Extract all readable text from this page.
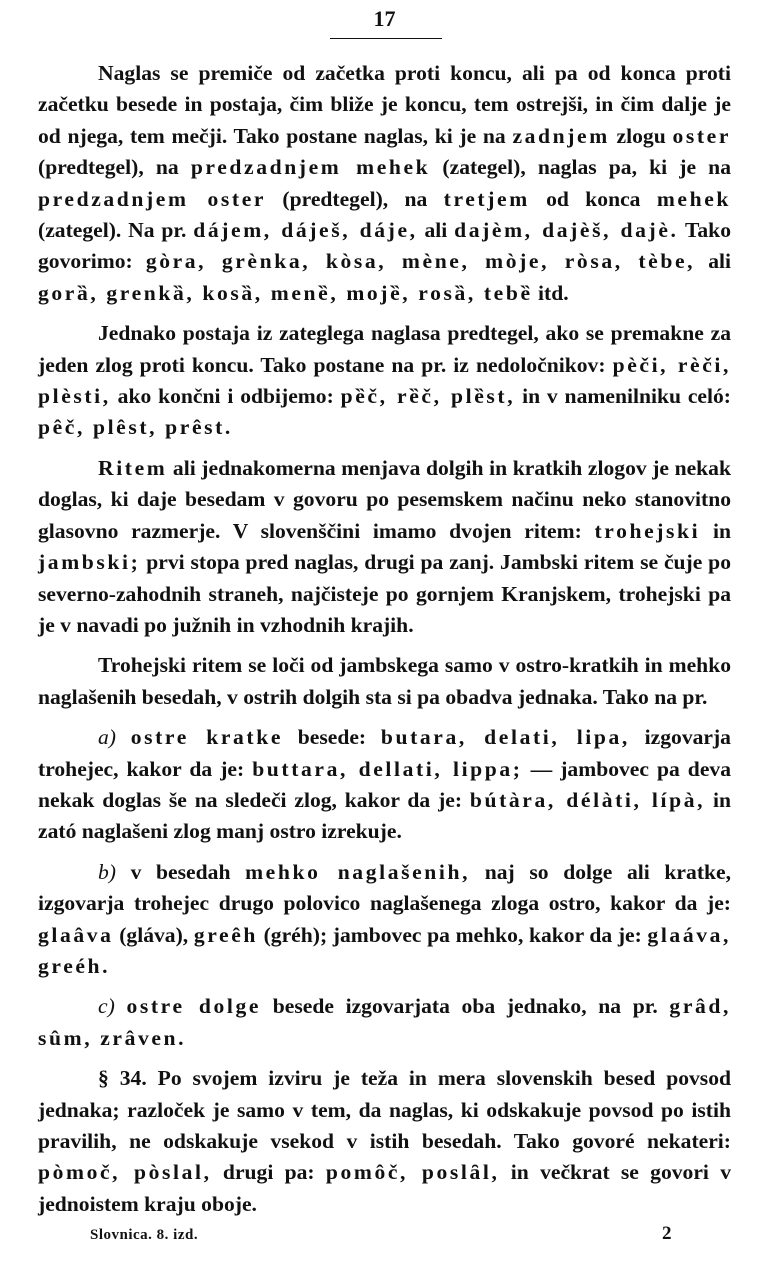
17

Naglas se premiče od začetka proti koncu, ali pa od konca proti začetku besede in postaja, čim bliže je koncu, tem ostrejši, in čim dalje je od njega, tem mečji. Tako postane naglas, ki je na zadnjem zlogu oster (predtegel), na predzadnjem mehek (zategel), naglas pa, ki je na predzadnjem oster (predtegel), na tretjem od konca mehek (zategel). Na pr. dájem, dáješ, dáje, ali dajèm, dajèš, dajè. Tako govorimo: gòra, grènka, kòsa, mène, mòje, ròsa, tèbe, ali gorȁ, grenkȁ, kosȁ, menȅ, mojȅ, rosȁ, tebȅ itd.

Jednako postaja iz zateglega naglasa predtegel, ako se premakne za jeden zlog proti koncu. Tako postane na pr. iz nedoločnikov: pèči, rèči, plèsti, ako končni i odbijemo: pȅč, rȅč, plȅst, in v namenilniku celó: pêč, plêst, prêst.

Ritem ali jednakomerna menjava dolgih in kratkih zlogov je nekak doglas, ki daje besedam v govoru po pesemskem načinu neko stanovitno glasovno razmerje. V slovenščini imamo dvojen ritem: trohejski in jambski; prvi stopa pred naglas, drugi pa zanj. Jambski ritem se čuje po severno-zahodnih straneh, najčisteje po gornjem Kranjskem, trohejski pa je v navadi po južnih in vzhodnih krajih.

Trohejski ritem se loči od jambskega samo v ostro-kratkih in mehko naglašenih besedah, v ostrih dolgih sta si pa obadva jednaka. Tako na pr.

a) ostre kratke besede: butara, delati, lipa, izgovarja trohejec, kakor da je: buttara, dellati, lippa; — jambovec pa deva nekak doglas še na sledeči zlog, kakor da je: bútàra, délàti, lípà, in zató naglašeni zlog manj ostro izrekuje.

b) v besedah mehko naglašenih, naj so dolge ali kratke, izgovarja trohejec drugo polovico naglašenega zloga ostro, kakor da je: glaâva (gláva), greêh (gréh); jambovec pa mehko, kakor da je: glaáva, greéh.

c) ostre dolge besede izgovarjata oba jednako, na pr. grâd, sûm, zrâven.

§ 34. Po svojem izviru je teža in mera slovenskih besed povsod jednaka; razloček je samo v tem, da naglas, ki odskakuje povsod po istih pravilih, ne odskakuje vsekod v istih besedah. Tako govoré nekateri: pòmoč, pòslal, drugi pa: pomôč, poslȃl, in večkrat se govori v jednoistem kraju oboje.

Slovnica. 8. izd.	2
